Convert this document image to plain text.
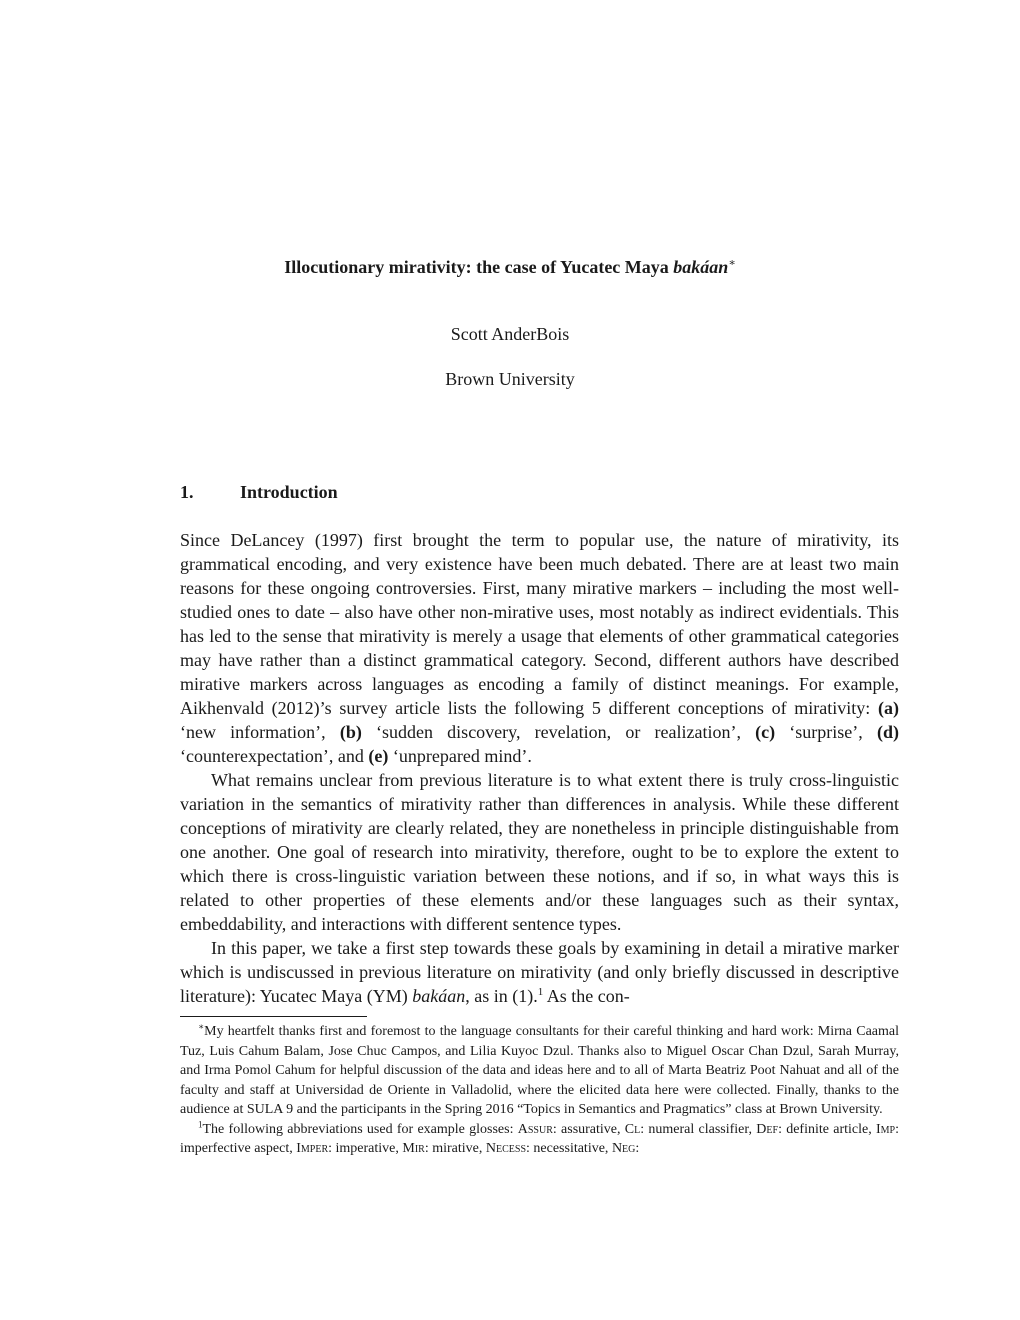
Illocutionary mirativity: the case of Yucatec Maya bakáan∗
Scott AnderBois
Brown University
1.	Introduction

Since DeLancey (1997) first brought the term to popular use, the nature of mirativity, its grammatical encoding, and very existence have been much debated. There are at least two main reasons for these ongoing controversies. First, many mirative markers – including the most well-studied ones to date – also have other non-mirative uses, most notably as indirect evidentials. This has led to the sense that mirativity is merely a usage that elements of other grammatical categories may have rather than a distinct grammatical category. Second, different authors have described mirative markers across languages as encoding a family of distinct meanings. For example, Aikhenvald (2012)’s survey article lists the following 5 different conceptions of mirativity: (a) ‘new information’, (b) ‘sudden discovery, revelation, or realization’, (c) ‘surprise’, (d) ‘counterexpectation’, and (e) ‘unprepared mind’.

What remains unclear from previous literature is to what extent there is truly cross-linguistic variation in the semantics of mirativity rather than differences in analysis. While these different conceptions of mirativity are clearly related, they are nonetheless in principle distinguishable from one another. One goal of research into mirativity, therefore, ought to be to explore the extent to which there is cross-linguistic variation between these notions, and if so, in what ways this is related to other properties of these elements and/or these languages such as their syntax, embeddability, and interactions with different sentence types.

In this paper, we take a first step towards these goals by examining in detail a mirative marker which is undiscussed in previous literature on mirativity (and only briefly discussed in descriptive literature): Yucatec Maya (YM) bakáan, as in (1).$^1$ As the con-

∗My heartfelt thanks first and foremost to the language consultants for their careful thinking and hard work: Mirna Caamal Tuz, Luis Cahum Balam, Jose Chuc Campos, and Lilia Kuyoc Dzul. Thanks also to Miguel Oscar Chan Dzul, Sarah Murray, and Irma Pomol Cahum for helpful discussion of the data and ideas here and to all of Marta Beatriz Poot Nahuat and all of the faculty and staff at Universidad de Oriente in Valladolid, where the elicited data here were collected. Finally, thanks to the audience at SULA 9 and the participants in the Spring 2016 “Topics in Semantics and Pragmatics” class at Brown University.

$^1$The following abbreviations used for example glosses: Assur: assurative, Cl: numeral classifier, Def: definite article, Imp: imperfective aspect, Imper: imperative, Mir: mirative, Necess: necessitative, Neg:
